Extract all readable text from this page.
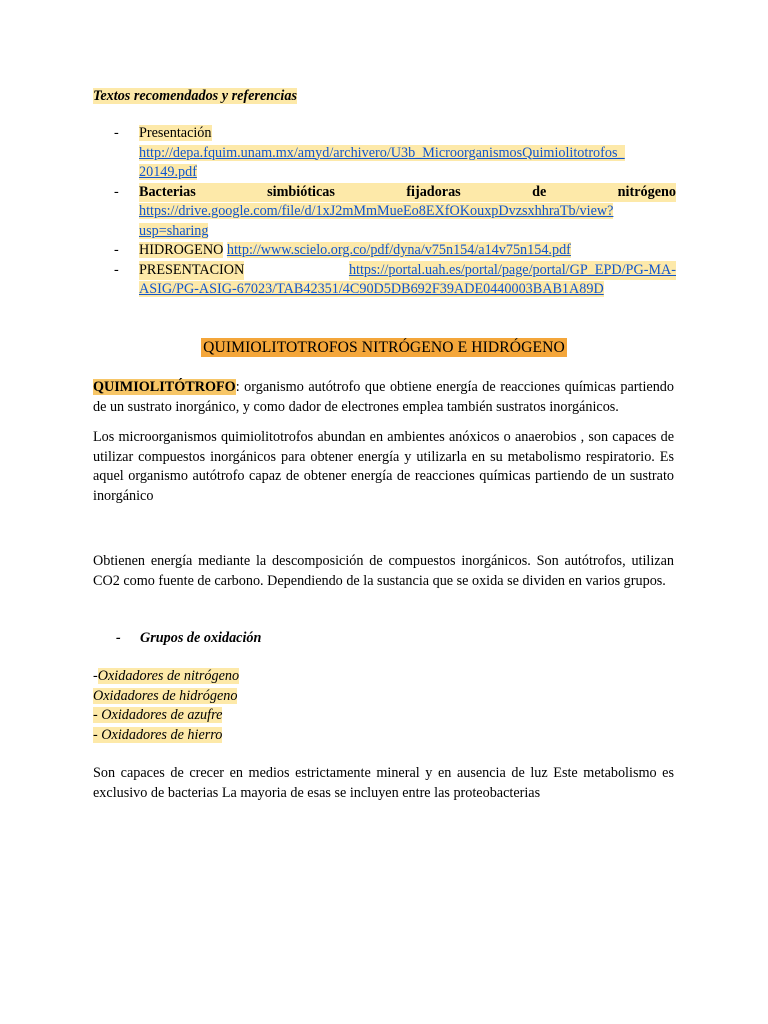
Textos recomendados y referencias
- Presentación
http://depa.fquim.unam.mx/amyd/archivero/U3b_MicroorganismosQuimiolitotrofos_
20149.pdf
- Bacterias	simbióticas	fijadoras	de	nitrógeno
https://drive.google.com/file/d/1xJ2mMmMueEo8EXfOKouxpDvzsxhhraTb/view?
usp=sharing
- HIDROGENO http://www.scielo.org.co/pdf/dyna/v75n154/a14v75n154.pdf
- PRESENTACION	https://portal.uah.es/portal/page/portal/GP_EPD/PG-MA-
ASIG/PG-ASIG-67023/TAB42351/4C90D5DB692F39ADE0440003BAB1A89D
QUIMIOLITOTROFOS NITRÓGENO E HIDRÓGENO

QUIMIOLITÓTROFO: organismo autótrofo que obtiene energía de reacciones químicas partiendo de un sustrato inorgánico, y como dador de electrones emplea también sustratos inorgánicos.

Los microorganismos quimiolitotrofos abundan en ambientes anóxicos o anaerobios , son capaces de utilizar compuestos inorgánicos para obtener energía y utilizarla en su metabolismo respiratorio. Es aquel organismo autótrofo capaz de obtener energía de reacciones químicas partiendo de un sustrato inorgánico

Obtienen energía mediante la descomposición de compuestos inorgánicos. Son autótrofos, utilizan CO2 como fuente de carbono. Dependiendo de la sustancia que se oxida se dividen en varios grupos.

- Grupos de oxidación
-Oxidadores de nitrógeno
Oxidadores de hidrógeno
- Oxidadores de azufre
- Oxidadores de hierro

Son capaces de crecer en medios estrictamente mineral y en ausencia de luz Este metabolismo es exclusivo de bacterias La mayoria de esas se incluyen entre las proteobacterias
